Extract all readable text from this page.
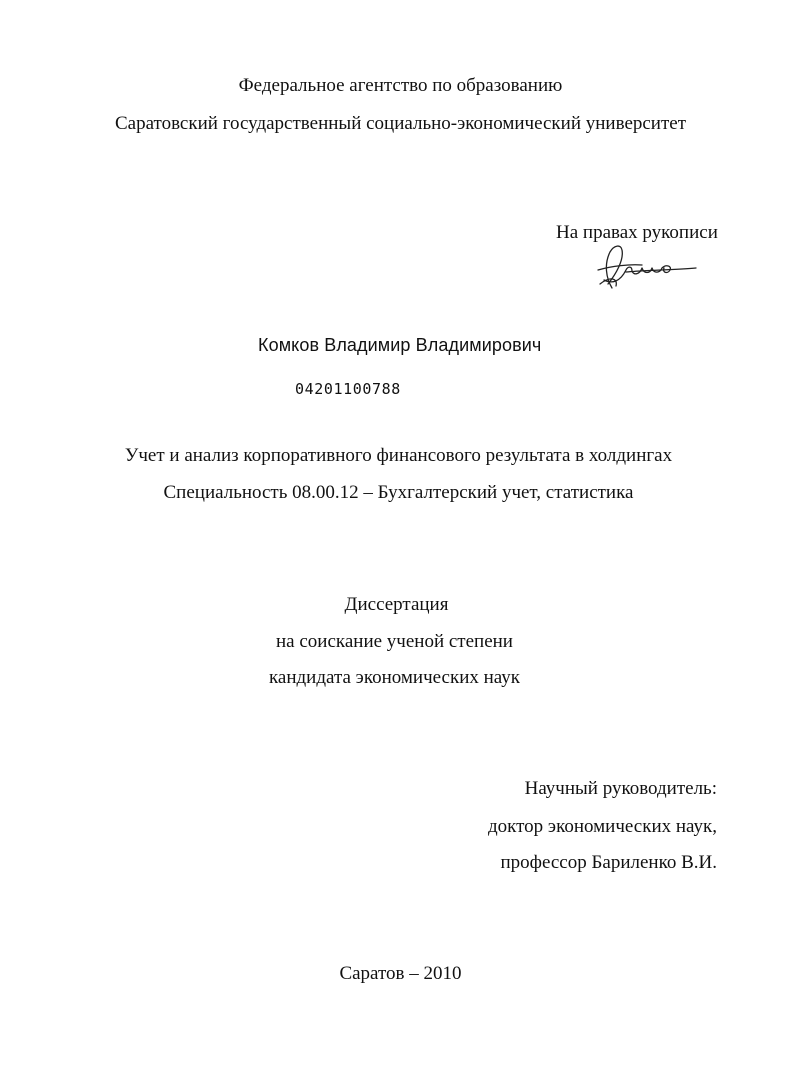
Федеральное агентство по образованию
Саратовский государственный социально-экономический университет
На правах рукописи
Комков Владимир Владимирович
04201100788
Учет и анализ корпоративного финансового результата в холдингах
Специальность 08.00.12 – Бухгалтерский учет, статистика
Диссертация
на соискание ученой степени
кандидата экономических наук
Научный руководитель:
доктор экономических наук,
профессор Бариленко В.И.
Саратов – 2010
